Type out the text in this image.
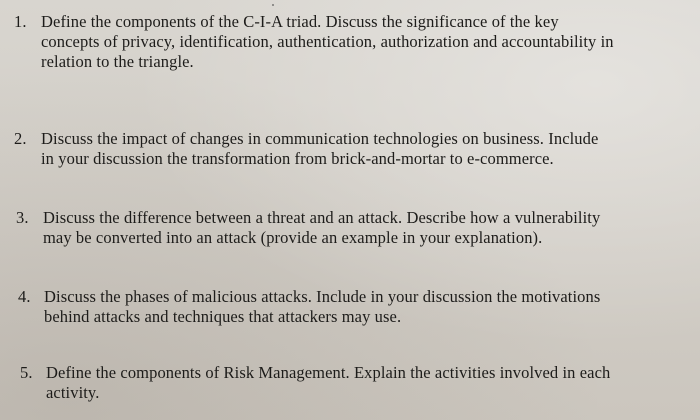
1. Define the components of the C-I-A triad. Discuss the significance of the key
concepts of privacy, identification, authentication, authorization and accountability in
relation to the triangle.
2. Discuss the impact of changes in communication technologies on business. Include
in your discussion the transformation from brick-and-mortar to e-commerce.
3. Discuss the difference between a threat and an attack. Describe how a vulnerability
may be converted into an attack (provide an example in your explanation).
4. Discuss the phases of malicious attacks. Include in your discussion the motivations
behind attacks and techniques that attackers may use.
5. Define the components of Risk Management. Explain the activities involved in each
activity.
